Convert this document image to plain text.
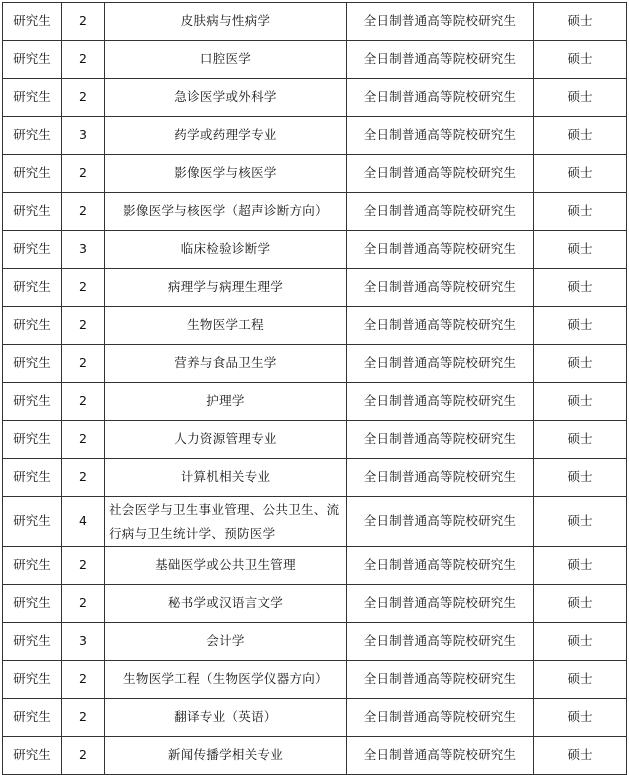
研究生	2	皮肤病与性病学	全日制普通高等院校研究生	硕士
研究生	2	口腔医学	全日制普通高等院校研究生	硕士
研究生	2	急诊医学或外科学	全日制普通高等院校研究生	硕士
研究生	3	药学或药理学专业	全日制普通高等院校研究生	硕士
研究生	2	影像医学与核医学	全日制普通高等院校研究生	硕士
研究生	2	影像医学与核医学（超声诊断方向）	全日制普通高等院校研究生	硕士
研究生	3	临床检验诊断学	全日制普通高等院校研究生	硕士
研究生	2	病理学与病理生理学	全日制普通高等院校研究生	硕士
研究生	2	生物医学工程	全日制普通高等院校研究生	硕士
研究生	2	营养与食品卫生学	全日制普通高等院校研究生	硕士
研究生	2	护理学	全日制普通高等院校研究生	硕士
研究生	2	人力资源管理专业	全日制普通高等院校研究生	硕士
研究生	2	计算机相关专业	全日制普通高等院校研究生	硕士
研究生	4	社会医学与卫生事业管理、公共卫生、流行病与卫生统计学、预防医学	全日制普通高等院校研究生	硕士
研究生	2	基础医学或公共卫生管理	全日制普通高等院校研究生	硕士
研究生	2	秘书学或汉语言文学	全日制普通高等院校研究生	硕士
研究生	3	会计学	全日制普通高等院校研究生	硕士
研究生	2	生物医学工程（生物医学仪器方向）	全日制普通高等院校研究生	硕士
研究生	2	翻译专业（英语）	全日制普通高等院校研究生	硕士
研究生	2	新闻传播学相关专业	全日制普通高等院校研究生	硕士
